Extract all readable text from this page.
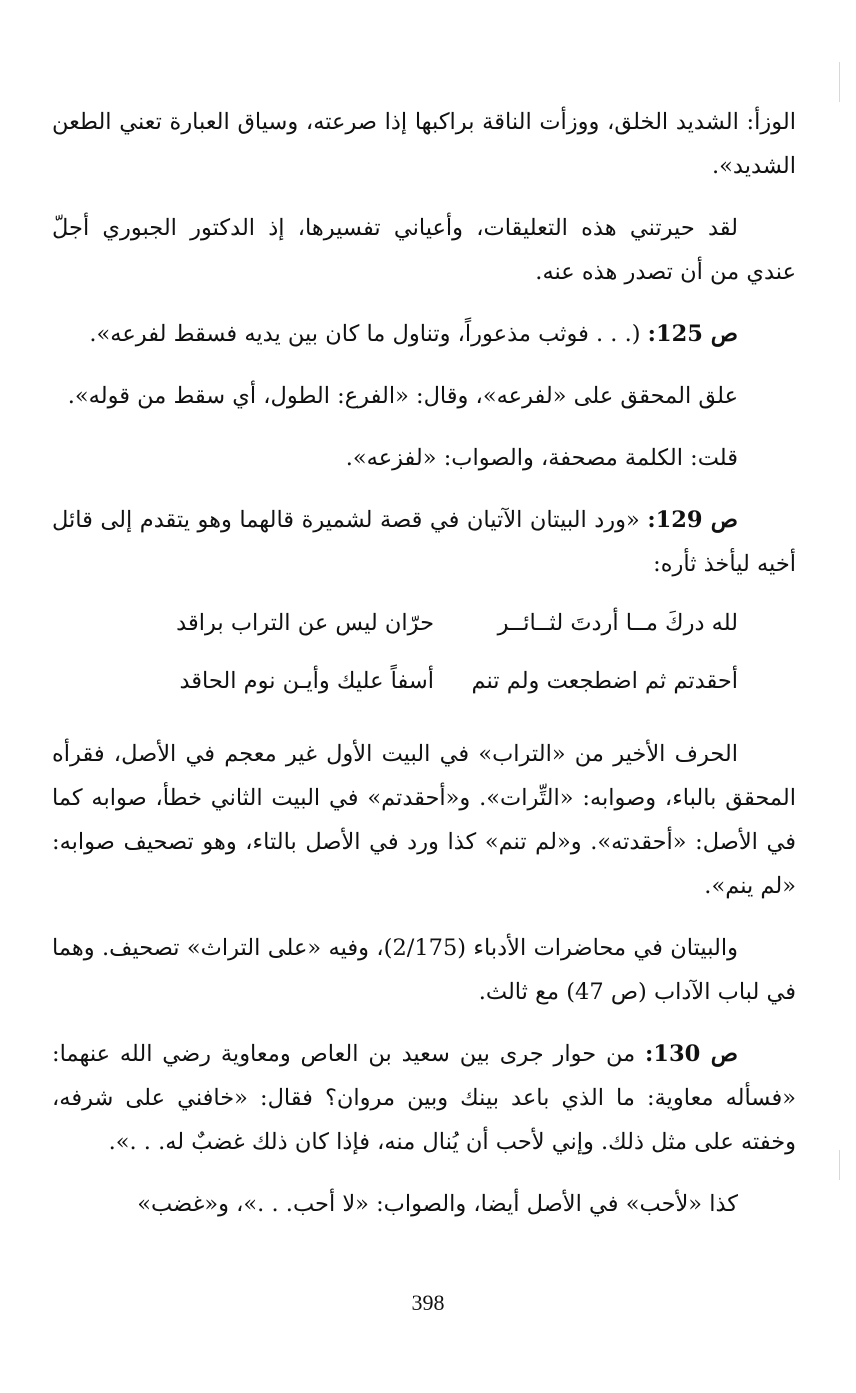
الوزأ: الشديد الخلق، ووزأت الناقة براكبها إذا صرعته، وسياق العبارة تعني الطعن الشديد».

لقد حيرتني هذه التعليقات، وأعياني تفسيرها، إذ الدكتور الجبوري أجلّ عندي من أن تصدر هذه عنه.

ص 125: (. . . فوثب مذعوراً، وتناول ما كان بين يديه فسقط لفرعه».

علق المحقق على «لفرعه»، وقال: «الفرع: الطول، أي سقط من قوله».

قلت: الكلمة مصحفة، والصواب: «لفزعه».

ص 129: «ورد البيتان الآتيان في قصة لشميرة قالهما وهو يتقدم إلى قائل أخيه ليأخذ ثأره:

لله دركَ مــا أردتَ لثــائــر
حرّان ليس عن التراب براقد
أحقدتم ثم اضطجعت ولم تنم
أسفاً عليك وأيـن نوم الحاقد

الحرف الأخير من «التراب» في البيت الأول غير معجم في الأصل، فقرأه المحقق بالباء، وصوابه: «التِّرات». و«أحقدتم» في البيت الثاني خطأ، صوابه كما في الأصل: «أحقدته». و«لم تنم» كذا ورد في الأصل بالتاء، وهو تصحيف صوابه: «لم ينم».

والبيتان في محاضرات الأدباء (2/175)، وفيه «على التراث» تصحيف. وهما في لباب الآداب (ص 47) مع ثالث.

ص 130: من حوار جرى بين سعيد بن العاص ومعاوية رضي الله عنهما: «فسأله معاوية: ما الذي باعد بينك وبين مروان؟ فقال: «خافني على شرفه، وخفته على مثل ذلك. وإني لأحب أن يُنال منه، فإذا كان ذلك غضبٌ له. . .».

كذا «لأحب» في الأصل أيضا، والصواب: «لا أحب. . .»، و«غضب»

398
